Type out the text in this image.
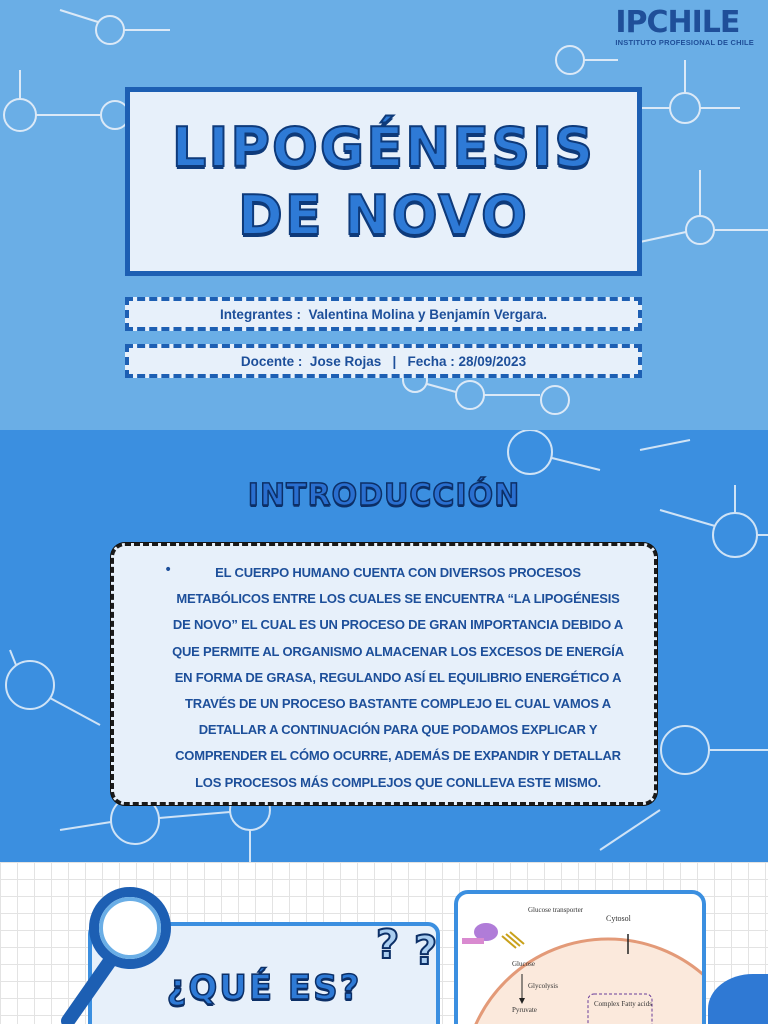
IPCHILE
INSTITUTO PROFESIONAL DE CHILE
LIPOGÉNESIS
DE NOVO
Integrantes :  Valentina Molina y Benjamín Vergara.
Docente :  Jose Rojas   |   Fecha : 28/09/2023
INTRODUCCIÓN
•	EL CUERPO HUMANO CUENTA CON DIVERSOS PROCESOS METABÓLICOS ENTRE LOS CUALES SE ENCUENTRA “LA LIPOGÉNESIS DE NOVO” EL CUAL ES UN PROCESO DE GRAN IMPORTANCIA DEBIDO A QUE PERMITE AL ORGANISMO ALMACENAR LOS EXCESOS DE ENERGÍA EN FORMA DE GRASA, REGULANDO ASÍ EL EQUILIBRIO ENERGÉTICO A TRAVÉS DE UN PROCESO BASTANTE COMPLEJO EL CUAL VAMOS A DETALLAR A CONTINUACIÓN PARA QUE PODAMOS EXPLICAR Y COMPRENDER EL CÓMO OCURRE, ADEMÁS DE EXPANDIR Y DETALLAR LOS PROCESOS MÁS COMPLEJOS QUE CONLLEVA ESTE MISMO.

¿QUÉ ES?
? ?
Glucose transporter
Cytosol
Glucose
Glycolysis
Pyruvate
Complex Fatty acids
